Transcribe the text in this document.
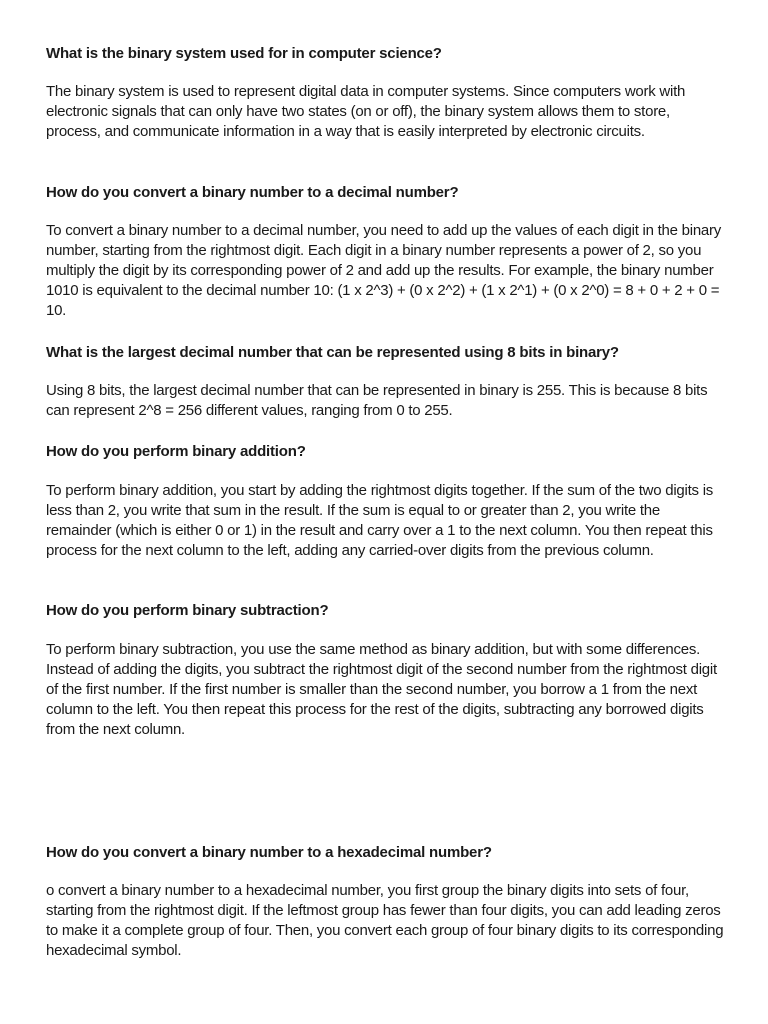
What is the binary system used for in computer science?

The binary system is used to represent digital data in computer systems. Since computers work with electronic signals that can only have two states (on or off), the binary system allows them to store, process, and communicate information in a way that is easily interpreted by electronic circuits.

How do you convert a binary number to a decimal number?

To convert a binary number to a decimal number, you need to add up the values of each digit in the binary number, starting from the rightmost digit. Each digit in a binary number represents a power of 2, so you multiply the digit by its corresponding power of 2 and add up the results. For example, the binary number 1010 is equivalent to the decimal number 10: (1 x 2^3) + (0 x 2^2) + (1 x 2^1) + (0 x 2^0) = 8 + 0 + 2 + 0 = 10.

What is the largest decimal number that can be represented using 8 bits in binary?

Using 8 bits, the largest decimal number that can be represented in binary is 255. This is because 8 bits can represent 2^8 = 256 different values, ranging from 0 to 255.

How do you perform binary addition?

To perform binary addition, you start by adding the rightmost digits together. If the sum of the two digits is less than 2, you write that sum in the result. If the sum is equal to or greater than 2, you write the remainder (which is either 0 or 1) in the result and carry over a 1 to the next column. You then repeat this process for the next column to the left, adding any carried-over digits from the previous column.

How do you perform binary subtraction?

To perform binary subtraction, you use the same method as binary addition, but with some differences. Instead of adding the digits, you subtract the rightmost digit of the second number from the rightmost digit of the first number. If the first number is smaller than the second number, you borrow a 1 from the next column to the left. You then repeat this process for the rest of the digits, subtracting any borrowed digits from the next column.

How do you convert a binary number to a hexadecimal number?

o convert a binary number to a hexadecimal number, you first group the binary digits into sets of four, starting from the rightmost digit. If the leftmost group has fewer than four digits, you can add leading zeros to make it a complete group of four. Then, you convert each group of four binary digits to its corresponding hexadecimal symbol.
